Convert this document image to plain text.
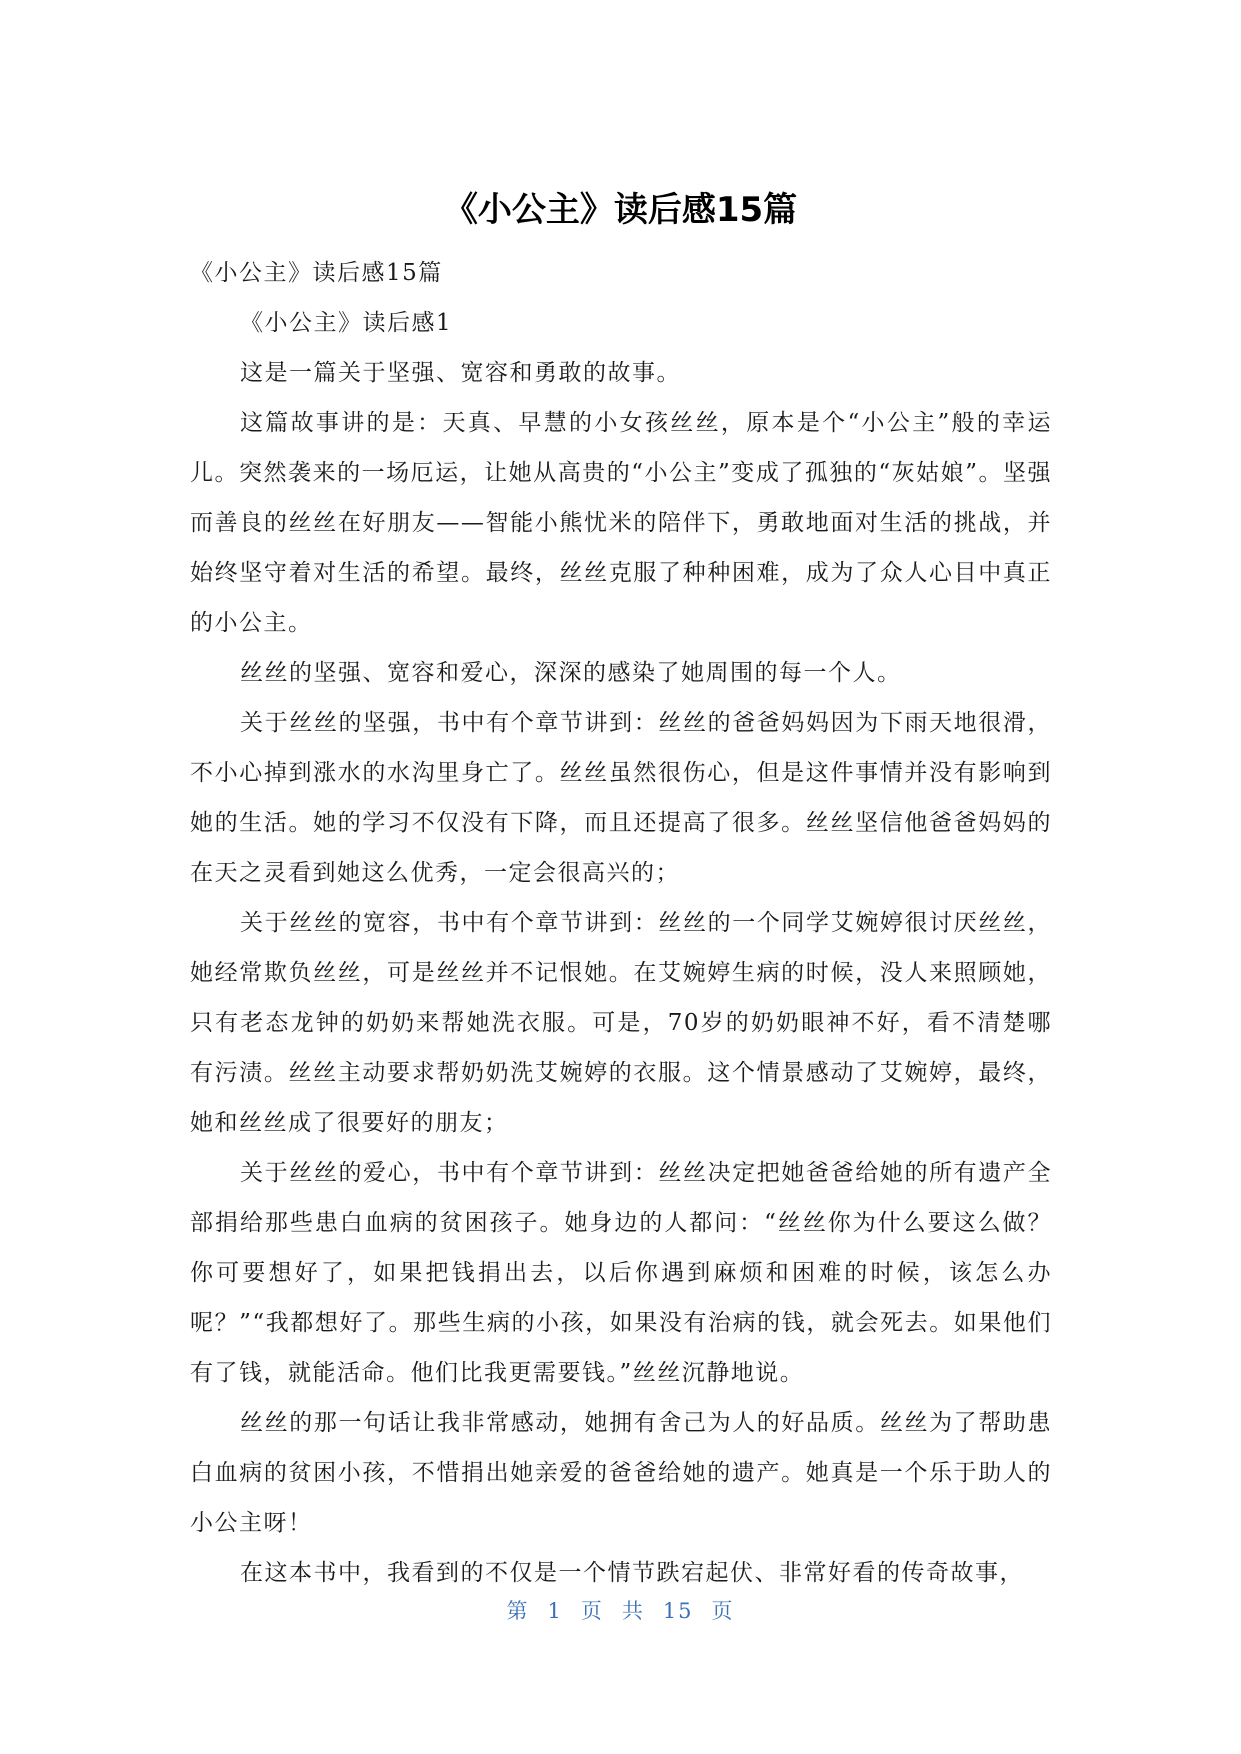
《小公主》读后感15篇

《小公主》读后感15篇

《小公主》读后感1

这是一篇关于坚强、宽容和勇敢的故事。

这篇故事讲的是：天真、早慧的小女孩丝丝，原本是个“小公主”般的幸运儿。突然袭来的一场厄运，让她从高贵的“小公主”变成了孤独的“灰姑娘”。坚强而善良的丝丝在好朋友——智能小熊忧米的陪伴下，勇敢地面对生活的挑战，并始终坚守着对生活的希望。最终，丝丝克服了种种困难，成为了众人心目中真正的小公主。

丝丝的坚强、宽容和爱心，深深的感染了她周围的每一个人。

关于丝丝的坚强，书中有个章节讲到：丝丝的爸爸妈妈因为下雨天地很滑，不小心掉到涨水的水沟里身亡了。丝丝虽然很伤心，但是这件事情并没有影响到她的生活。她的学习不仅没有下降，而且还提高了很多。丝丝坚信他爸爸妈妈的在天之灵看到她这么优秀，一定会很高兴的；

关于丝丝的宽容，书中有个章节讲到：丝丝的一个同学艾婉婷很讨厌丝丝，她经常欺负丝丝，可是丝丝并不记恨她。在艾婉婷生病的时候，没人来照顾她，只有老态龙钟的奶奶来帮她洗衣服。可是，70岁的奶奶眼神不好，看不清楚哪有污渍。丝丝主动要求帮奶奶洗艾婉婷的衣服。这个情景感动了艾婉婷，最终，她和丝丝成了很要好的朋友；

关于丝丝的爱心，书中有个章节讲到：丝丝决定把她爸爸给她的所有遗产全部捐给那些患白血病的贫困孩子。她身边的人都问：“丝丝你为什么要这么做？你可要想好了，如果把钱捐出去，以后你遇到麻烦和困难的时候，该怎么办呢？”“我都想好了。那些生病的小孩，如果没有治病的钱，就会死去。如果他们有了钱，就能活命。他们比我更需要钱。”丝丝沉静地说。

丝丝的那一句话让我非常感动，她拥有舍己为人的好品质。丝丝为了帮助患白血病的贫困小孩，不惜捐出她亲爱的爸爸给她的遗产。她真是一个乐于助人的小公主呀！

在这本书中，我看到的不仅是一个情节跌宕起伏、非常好看的传奇故事，

第 1 页 共 15 页
